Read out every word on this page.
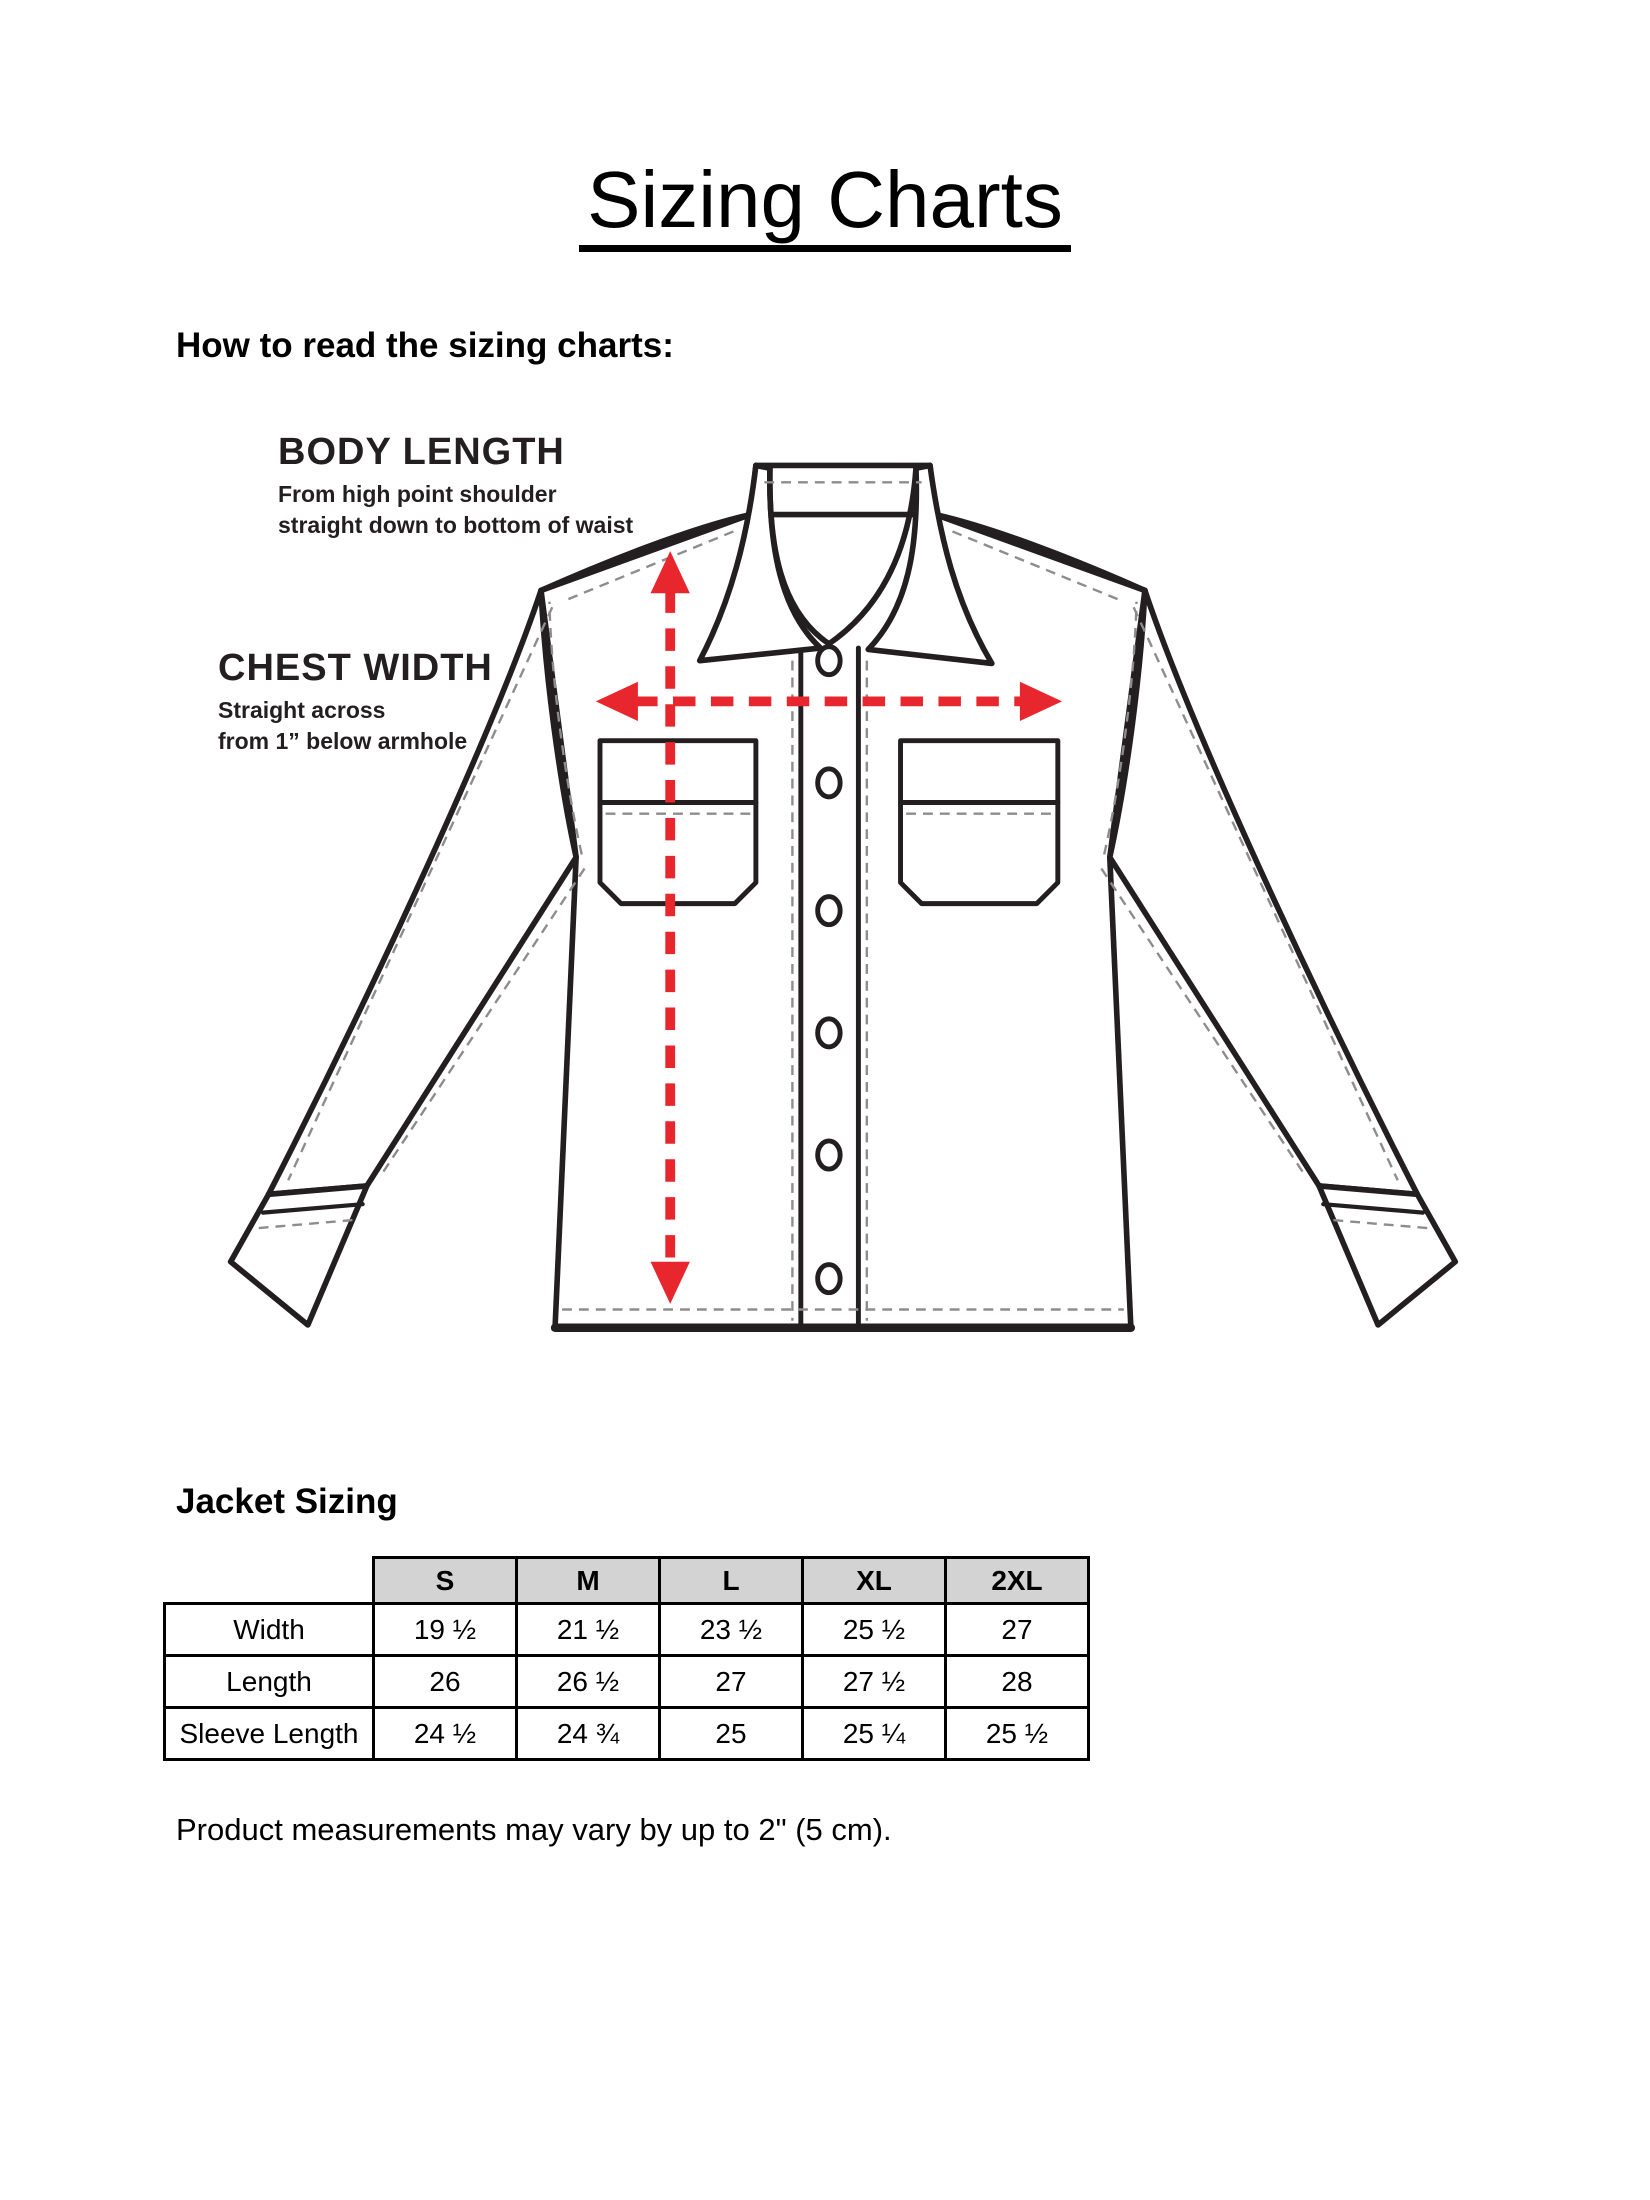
Sizing Charts
How to read the sizing charts:
BODY LENGTH
From high point shoulder
straight down to bottom of waist
CHEST WIDTH
Straight across
from 1” below armhole
Jacket Sizing
	S	M	L	XL	2XL
Width	19 ½	21 ½	23 ½	25 ½	27
Length	26	26 ½	27	27 ½	28
Sleeve Length	24 ½	24 ¾	25	25 ¼	25 ½
Product measurements may vary by up to 2" (5 cm).
